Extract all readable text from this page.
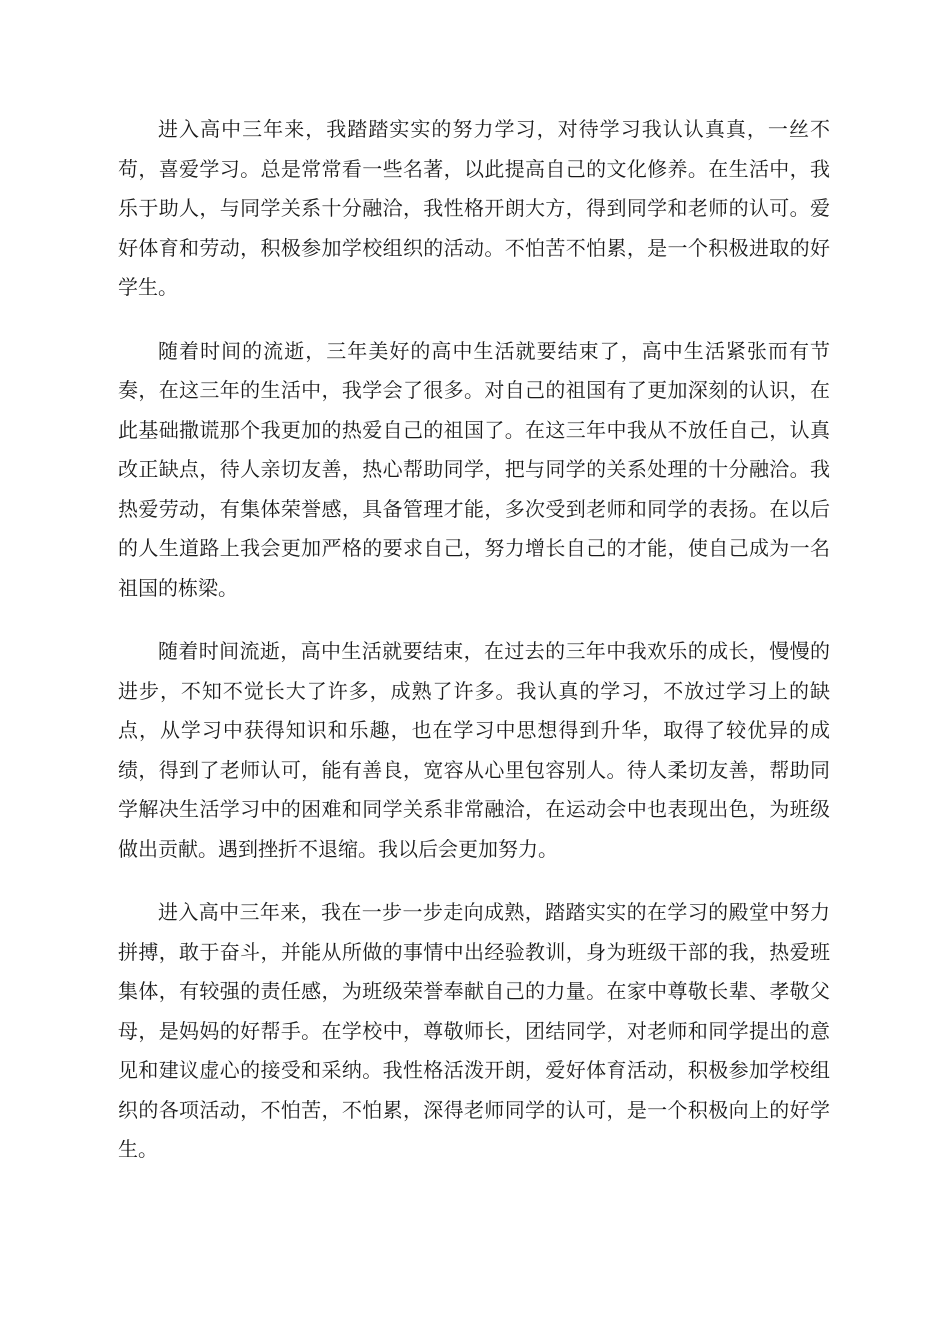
进入高中三年来，我踏踏实实的努力学习，对待学习我认认真真，一丝不苟，喜爱学习。总是常常看一些名著，以此提高自己的文化修养。在生活中，我乐于助人，与同学关系十分融洽，我性格开朗大方，得到同学和老师的认可。爱好体育和劳动，积极参加学校组织的活动。不怕苦不怕累，是一个积极进取的好学生。

随着时间的流逝，三年美好的高中生活就要结束了，高中生活紧张而有节奏，在这三年的生活中，我学会了很多。对自己的祖国有了更加深刻的认识，在此基础撒谎那个我更加的热爱自己的祖国了。在这三年中我从不放任自己，认真改正缺点，待人亲切友善，热心帮助同学，把与同学的关系处理的十分融洽。我热爱劳动，有集体荣誉感，具备管理才能，多次受到老师和同学的表扬。在以后的人生道路上我会更加严格的要求自己，努力增长自己的才能，使自己成为一名祖国的栋梁。

随着时间流逝，高中生活就要结束，在过去的三年中我欢乐的成长，慢慢的进步，不知不觉长大了许多，成熟了许多。我认真的学习，不放过学习上的缺点，从学习中获得知识和乐趣，也在学习中思想得到升华，取得了较优异的成绩，得到了老师认可，能有善良，宽容从心里包容别人。待人柔切友善，帮助同学解决生活学习中的困难和同学关系非常融洽，在运动会中也表现出色，为班级做出贡献。遇到挫折不退缩。我以后会更加努力。

进入高中三年来，我在一步一步走向成熟，踏踏实实的在学习的殿堂中努力拼搏，敢于奋斗，并能从所做的事情中出经验教训，身为班级干部的我，热爱班集体，有较强的责任感，为班级荣誉奉献自己的力量。在家中尊敬长辈、孝敬父母，是妈妈的好帮手。在学校中，尊敬师长，团结同学，对老师和同学提出的意见和建议虚心的接受和采纳。我性格活泼开朗，爱好体育活动，积极参加学校组织的各项活动，不怕苦，不怕累，深得老师同学的认可，是一个积极向上的好学生。
